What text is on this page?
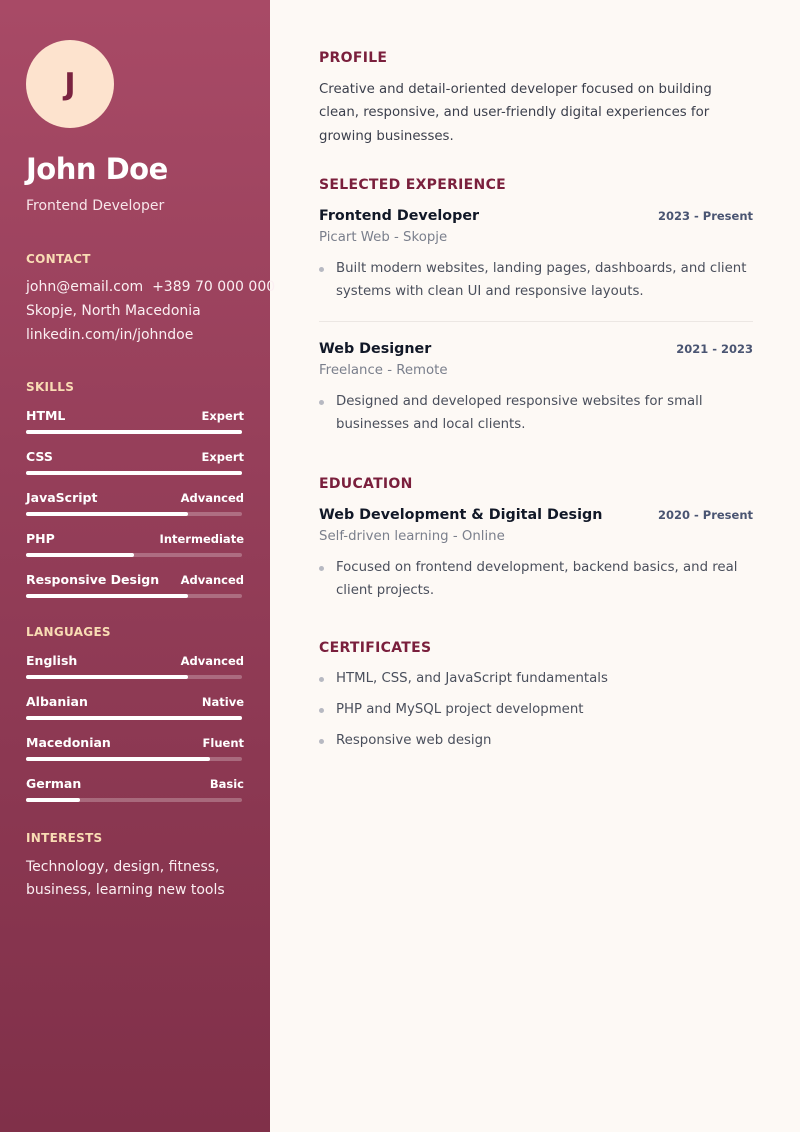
J
John Doe
Frontend Developer
CONTACT
john@email.com +389 70 000 000
Skopje, North Macedonia
linkedin.com/in/johndoe
SKILLS
HTML	Expert
CSS	Expert
JavaScript	Advanced
PHP	Intermediate
Responsive Design Advanced
LANGUAGES
English	Advanced
Albanian	Native
Macedonian	Fluent
German	Basic
INTERESTS
Technology, design, fitness, business, learning new tools
PROFILE
Creative and detail-oriented developer focused on building clean, responsive, and user-friendly digital experiences for growing businesses.
SELECTED EXPERIENCE
Frontend Developer	2023 - Present
Picart Web - Skopje
Built modern websites, landing pages, dashboards, and client systems with clean UI and responsive layouts.
Web Designer	2021 - 2023
Freelance - Remote
Designed and developed responsive websites for small businesses and local clients.
EDUCATION
Web Development & Digital Design	2020 - Present
Self-driven learning - Online
Focused on frontend development, backend basics, and real client projects.
CERTIFICATES
HTML, CSS, and JavaScript fundamentals
PHP and MySQL project development
Responsive web design
